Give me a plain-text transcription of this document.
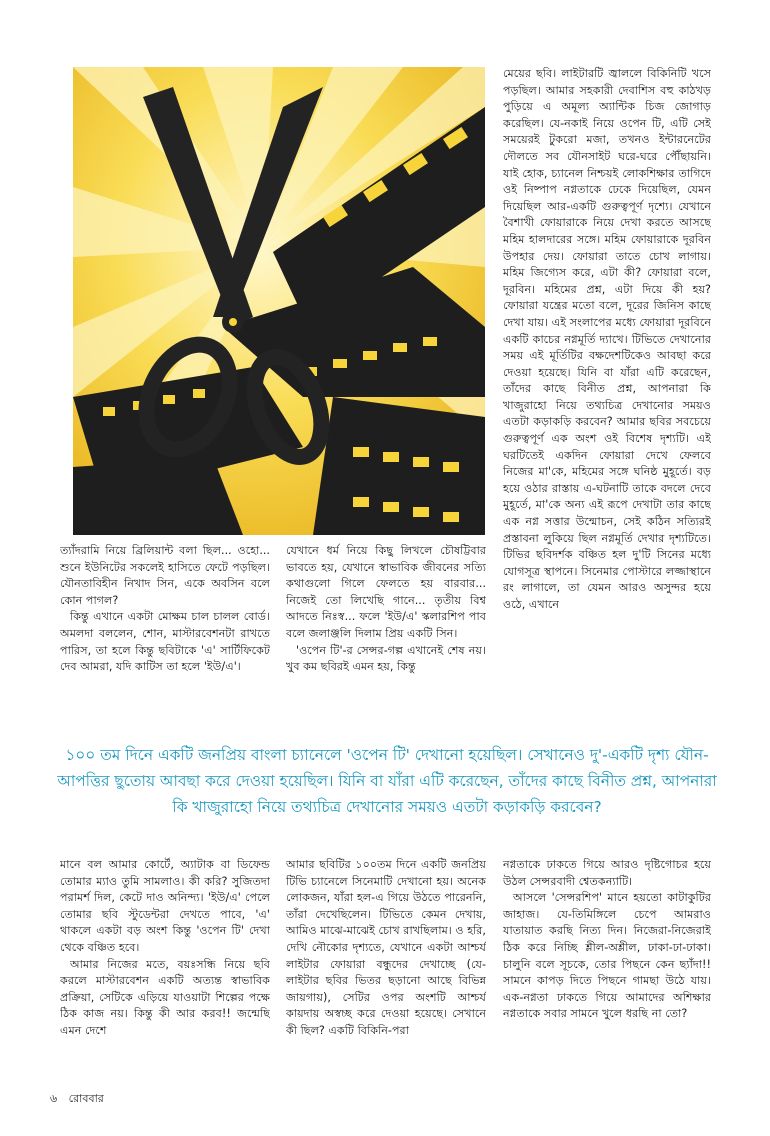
মেয়ের ছবি। লাইটারটি জ্বাললে বিকিনিটি খসে পড়ছিল। আমার সহকারী দেবাশিস বহু কাঠখড় পুড়িয়ে এ অমূল্য অ্যান্টিক চিজ জোগাড় করেছিল। যে-নকাই নিয়ে ওপেন টি, এটি সেই সময়েরই টুকরো মজা, তখনও ইন্টারনেটের দৌলতে সব যৌনসাইট ঘরে-ঘরে পৌঁছায়নি। যাই হোক, চ্যানেল নিশ্চয়ই লোকশিক্ষার তাগিদে ওই নিষ্পাপ নগ্নতাকে ঢেকে দিয়েছিল, যেমন দিয়েছিল আর-একটি গুরুত্বপূর্ণ দৃশ্যে। যেখানে বৈশাখী ফোয়ারাকে নিয়ে দেখা করতে আসছে মহিম হালদারের সঙ্গে। মহিম ফোয়ারাকে দূরবিন উপহার দেয়। ফোয়ারা তাতে চোখ লাগায়। মহিম জিগ্যেস করে, এটা কী? ফোয়ারা বলে, দূরবিন। মহিমের প্রশ্ন, এটা দিয়ে কী হয়? ফোয়ারা যন্ত্রের মতো বলে, দূরের জিনিস কাছে দেখা যায়। এই সংলাপের মধ্যে ফোয়ারা দূরবিনে একটি কাচের নগ্নমূর্তি দ্যাখে। টিভিতে দেখানোর সময় এই মূর্তিটির বক্ষদেশটিকেও আবছা করে দেওয়া হয়েছে। যিনি বা যাঁরা এটি করেছেন, তাঁদের কাছে বিনীত প্রশ্ন, আপনারা কি খাজুরাহো নিয়ে তথ্যচিত্র দেখানোর সময়ও এতটা কড়াকড়ি করবেন? আমার ছবির সবচেয়ে গুরুত্বপূর্ণ এক অংশ ওই বিশেষ দৃশ্যটি। এই ঘরটিতেই একদিন ফোয়ারা দেখে ফেলবে নিজের মা'কে, মহিমের সঙ্গে ঘনিষ্ঠ মুহূর্তে। বড় হয়ে ওঠার রাস্তায় এ-ঘটনাটি তাকে বদলে দেবে মুহূর্তে, মা'কে অন্য এই রূপে দেখাটা তার কাছে এক নগ্ন সত্তার উন্মোচন, সেই কঠিন সত্যিরই প্রস্তাবনা লুকিয়ে ছিল নগ্নমূর্তি দেখার দৃশ্যটিতে। টিভির ছবিদর্শক বঞ্চিত হল দু'টি সিনের মধ্যে যোগসূত্র স্থাপনে। সিনেমার পোস্টারে লজ্জাস্থানে রং লাগালে, তা যেমন আরও অসুন্দর হয়ে ওঠে, এখানে

ত্যাঁদরামি নিয়ে ব্রিলিয়ান্ট বলা ছিল... ওহো... শুনে ইউনিটের সকলেই হাসিতে ফেটে পড়ছিল। যৌনতাবিহীন নিখাদ সিন, একে অবসিন বলে কোন পাগল?

কিন্তু এখানে একটা মোক্ষম চাল চালল বোর্ড। অমলদা বললেন, শোন, মাস্টারবেশনটা রাখতে পারিস, তা হলে কিন্তু ছবিটাকে 'এ' সার্টিফিকেট দেব আমরা, যদি কাটিস তা হলে 'ইউ/এ'।

যেখানে ধর্ম নিয়ে কিছু লিখলে চৌষট্টিবার ভাবতে হয়, যেখানে স্বাভাবিক জীবনের সত্যি কথাগুলো গিলে ফেলতে হয় বারবার... নিজেই তো লিখেছি গানে... তৃতীয় বিশ্ব আদতে নিঃস্ব... ফলে 'ইউ/এ' স্কলারশিপ পাব বলে জলাঞ্জলি দিলাম প্রিয় একটি সিন।

'ওপেন টি'-র সেন্সর-গল্প এখানেই শেষ নয়। খুব কম ছবিরই এমন হয়, কিন্তু

১০০ তম দিনে একটি জনপ্রিয় বাংলা চ্যানেলে 'ওপেন টি' দেখানো হয়েছিল। সেখানেও দু'-একটি দৃশ্য যৌন-আপত্তির ছুতোয় আবছা করে দেওয়া হয়েছিল। যিনি বা যাঁরা এটি করেছেন, তাঁদের কাছে বিনীত প্রশ্ন, আপনারা কি খাজুরাহো নিয়ে তথ্যচিত্র দেখানোর সময়ও এতটা কড়াকড়ি করবেন?

মানে বল আমার কোর্টে, অ্যাটাক বা ডিফেন্ড তোমার ম্যাও তুমি সামলাও। কী করি? সুজিতদা পরামর্শ দিল, কেটে দাও অনিন্দ্য। 'ইউ/এ' পেলে তোমার ছবি স্টুডেন্টরা দেখতে পাবে, 'এ' থাকলে একটা বড় অংশ কিন্তু 'ওপেন টি' দেখা থেকে বঞ্চিত হবে।

আমার নিজের মতে, বয়ঃসন্ধি নিয়ে ছবি করলে মাস্টারবেশন একটি অত্যন্ত স্বাভাবিক প্রক্রিয়া, সেটিকে এড়িয়ে যাওয়াটা শিল্পের পক্ষে ঠিক কাজ নয়। কিন্তু কী আর করব!! জন্মেছি এমন দেশে

আমার ছবিটির ১০০তম দিনে একটি জনপ্রিয় টিভি চ্যানেলে সিনেমাটি দেখানো হয়। অনেক লোকজন, যাঁরা হল-এ গিয়ে উঠতে পারেননি, তাঁরা দেখেছিলেন। টিভিতে কেমন দেখায়, আমিও মাঝে-মাঝেই চোখ রাখছিলাম। ও হরি, দেখি নৌকোর দৃশ্যতে, যেখানে একটা আশ্চর্য লাইটার ফোয়ারা বন্ধুদের দেখাচ্ছে (যে-লাইটার ছবির ভিতর ছড়ানো আছে বিভিন্ন জায়গায়), সেটির ওপর অংশটি আশ্চর্য কায়দায় অস্বচ্ছ করে দেওয়া হয়েছে। সেখানে কী ছিল? একটি বিকিনি-পরা

নগ্নতাকে ঢাকতে গিয়ে আরও দৃষ্টিগোচর হয়ে উঠল সেন্সরবাদী শ্বেতকন্যাটি।

আসলে 'সেন্সরশিপ' মানে হয়তো কাটাকুটির জাহাজ। যে-তিমিঙ্গিলে চেপে আমরাও যাতায়াত করছি নিত্য দিন। নিজেরা-নিজেরাই ঠিক করে নিচ্ছি শ্লীল-অশ্লীল, ঢাকা-ঢা-ঢাকা। চালুনি বলে সূচকে, তোর পিছনে কেন ছ্যাঁদা!! সামনে কাপড় দিতে পিছনে গামছা উঠে যায়। এক-নগ্নতা ঢাকতে গিয়ে আমাদের অশিক্ষার নগ্নতাকে সবার সামনে খুলে ধরছি না তো?

৬ রোববার
